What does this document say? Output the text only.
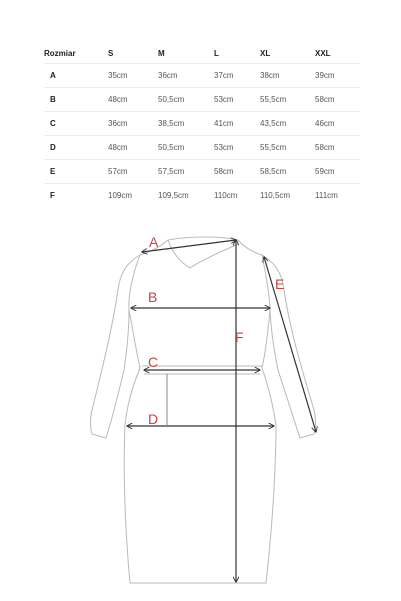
Rozmiar	S	M	L	XL	XXL
A	35cm	36cm	37cm	38cm	39cm
B	48cm	50,5cm	53cm	55,5cm	58cm
C	36cm	38,5cm	41cm	43,5cm	46cm
D	48cm	50,5cm	53cm	55,5cm	58cm
E	57cm	57,5cm	58cm	58,5cm	59cm
F	109cm	109,5cm	110cm	110,5cm	111cm
A
B
C
D
E
F
